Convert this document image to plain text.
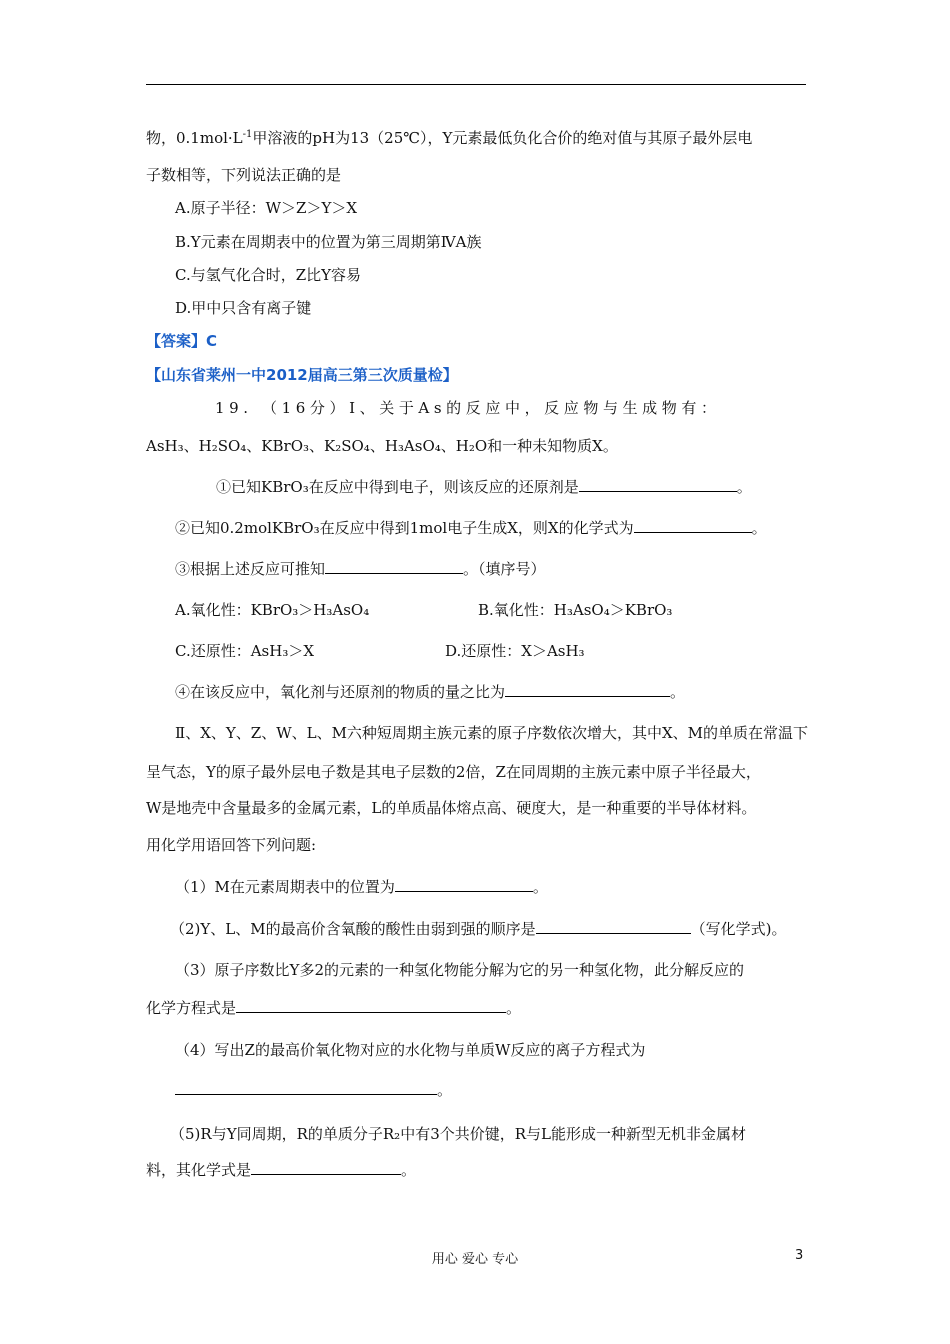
物，$0.1mol\cdot L^{-1}$甲溶液的pH为13（25℃），Y元素最低负化合价的绝对值与其原子最外层电
子数相等，下列说法正确的是
A.原子半径：W＞Z＞Y＞X
B.Y元素在周期表中的位置为第三周期第ⅣA族
C.与氢气化合时，Z比Y容易
D.甲中只含有离子键
【答案】C
【山东省莱州一中2012届高三第三次质量检】
19. （16分）Ⅰ、关于As的反应中，反应物与生成物有：
AsH₃、H₂SO₄、KBrO₃、K₂SO₄、H₃AsO₄、H₂O和一种未知物质X。
①已知KBrO₃在反应中得到电子，则该反应的还原剂是	。
②已知0.2molKBrO₃在反应中得到1mol电子生成X，则X的化学式为	。
③根据上述反应可推知	。（填序号）
A.氧化性：KBrO₃＞H₃AsO₄	B.氧化性：H₃AsO₄＞KBrO₃
C.还原性：AsH₃＞X	D.还原性：X＞AsH₃
④在该反应中，氧化剂与还原剂的物质的量之比为	。
Ⅱ、X、Y、Z、W、L、M六种短周期主族元素的原子序数依次增大，其中X、M的单质在常温下
呈气态，Y的原子最外层电子数是其电子层数的2倍，Z在同周期的主族元素中原子半径最大，
W是地壳中含量最多的金属元素，L的单质晶体熔点高、硬度大，是一种重要的半导体材料。
用化学用语回答下列问题:
（1）M在元素周期表中的位置为	。
（2)Y、L、M的最高价含氧酸的酸性由弱到强的顺序是	（写化学式)。
（3）原子序数比Y多2的元素的一种氢化物能分解为它的另一种氢化物，此分解反应的
化学方程式是	。
（4）写出Z的最高价氧化物对应的水化物与单质W反应的离子方程式为
。
（5)R与Y同周期，R的单质分子R₂中有3个共价键，R与L能形成一种新型无机非金属材
料，其化学式是	。
用心 爱心 专心	3
